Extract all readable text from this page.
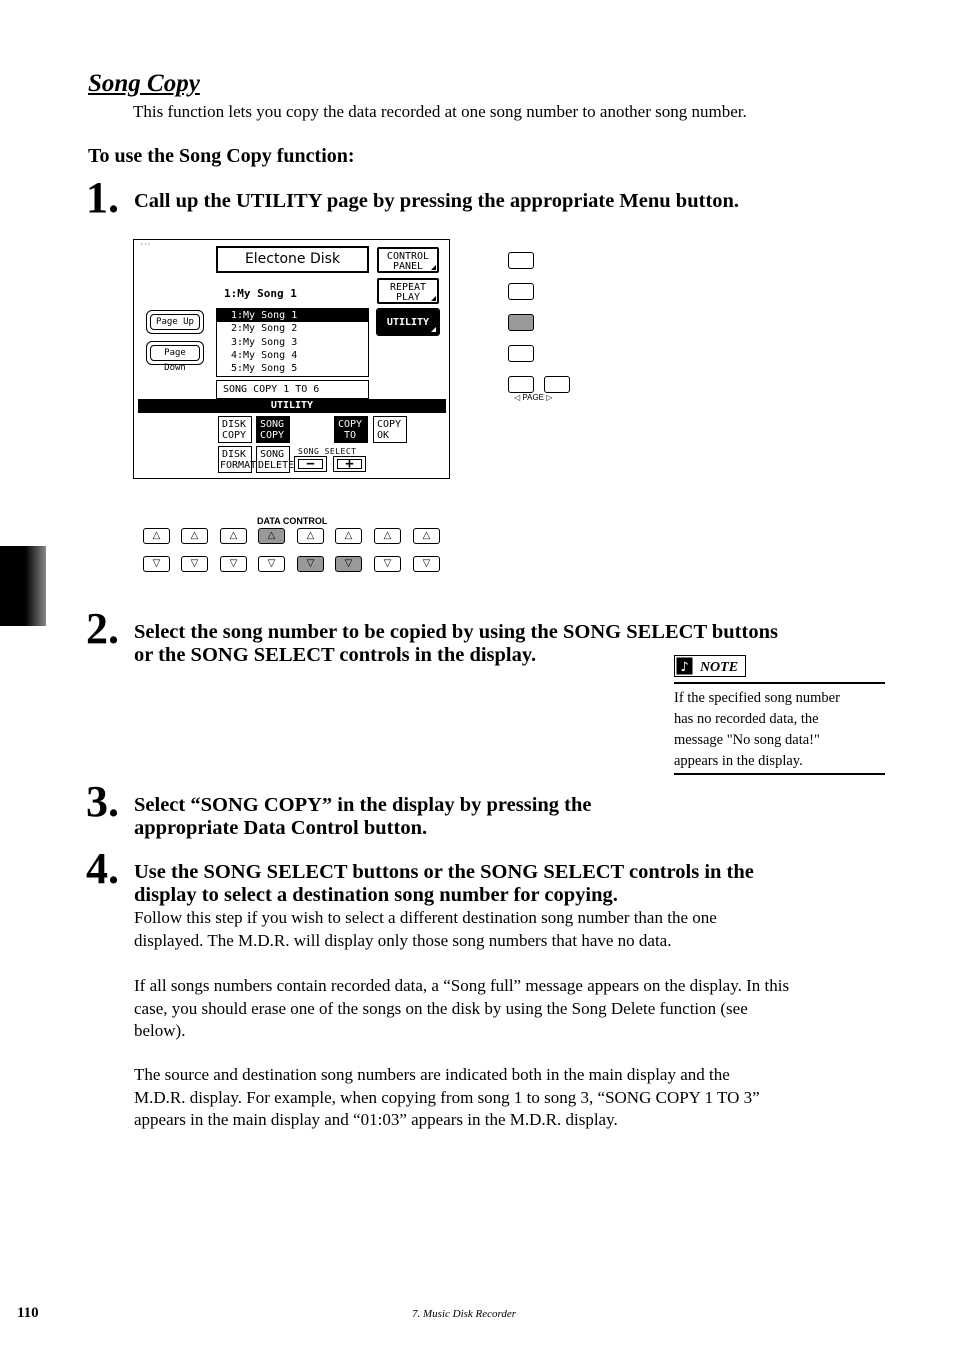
Song Copy
This function lets you copy the data recorded at one song number to another song number.
To use the Song Copy function:
1. Call up the UTILITY page by pressing the appropriate Menu button.
···
Electone Disk	CONTROL
PANEL
REPEAT
PLAY
UTILITY
Page Up
Page Down
1:My Song 1
1:My Song 1
2:My Song 2
3:My Song 3
4:My Song 4
5:My Song 5
SONG COPY 1 TO 6
UTILITY
DISK
COPY
SONG
COPY
COPY
TO
COPY
OK
DISK
FORMAT
SONG
DELETE
SONG SELECT
−	+
◁ PAGE ▷
DATA CONTROL
△	△	△	△	△	△	△	△
▽	▽	▽	▽	▽	▽	▽	▽
2. Select the song number to be copied by using the SONG SELECT buttons
or the SONG SELECT controls in the display.
♪ NOTE
If the specified song number
has no recorded data, the
message "No song data!"
appears in the display.
3. Select “SONG COPY” in the display by pressing the
appropriate Data Control button.
4. Use the SONG SELECT buttons or the SONG SELECT controls in the
display to select a destination song number for copying.
Follow this step if you wish to select a different destination song number than the one
displayed. The M.D.R. will display only those song numbers that have no data.
If all songs numbers contain recorded data, a “Song full” message appears on the display. In this
case, you should erase one of the songs on the disk by using the Song Delete function (see
below).
The source and destination song numbers are indicated both in the main display and the
M.D.R. display. For example, when copying from song 1 to song 3, “SONG COPY 1 TO 3”
appears in the main display and “01:03” appears in the M.D.R. display.
110	7. Music Disk Recorder
